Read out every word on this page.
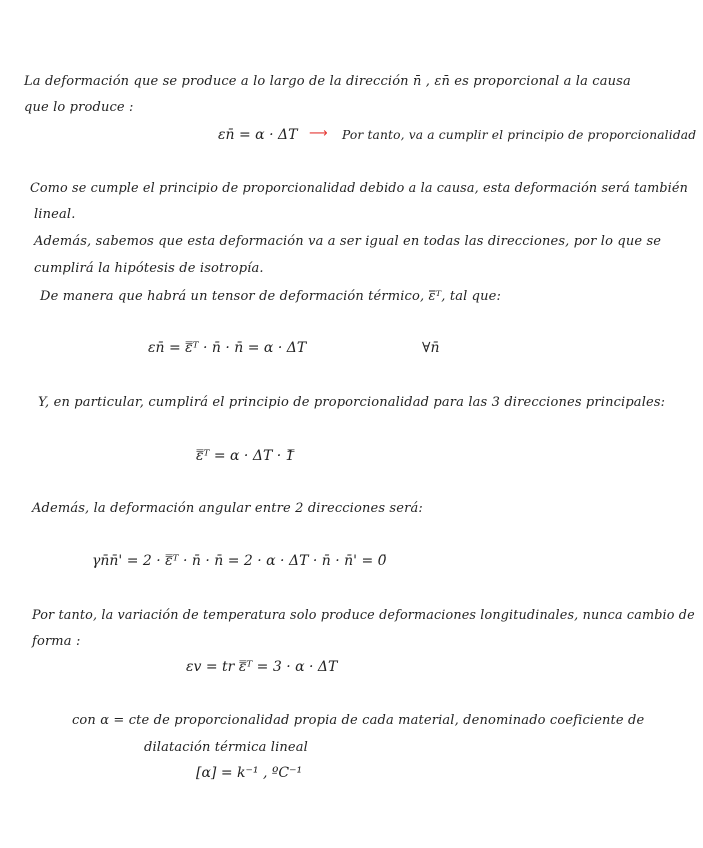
La deformación que se produce a lo largo de la dirección n̄ , εn̄ es proporcional a la causa
que lo produce :
εn̄ = α · ΔT ⟶ Por tanto, va a cumplir el principio de proporcionalidad
Como se cumple el principio de proporcionalidad debido a la causa, esta deformación será también
lineal.
Además, sabemos que esta deformación va a ser igual en todas las direcciones, por lo que se
cumplirá la hipótesis de isotropía.
De manera que habrá un tensor de deformación térmico, ε̿ᵀ, tal que:
εn̄ = ε̿ᵀ · n̄ · n̄ = α · ΔT	∀n̄
Y, en particular, cumplirá el principio de proporcionalidad para las 3 direcciones principales:
ε̿ᵀ = α · ΔT · 1̿
Además, la deformación angular entre 2 direcciones será:
γn̄n̄' = 2 · ε̿ᵀ · n̄ · n̄ = 2 · α · ΔT · n̄ · n̄' = 0̄
Por tanto, la variación de temperatura solo produce deformaciones longitudinales, nunca cambio de
forma :
εv = tr ε̿ᵀ = 3 · α · ΔT
con α = cte de proporcionalidad propia de cada material, denominado coeficiente de
dilatación térmica lineal
[α] = k⁻¹ , ºC⁻¹
